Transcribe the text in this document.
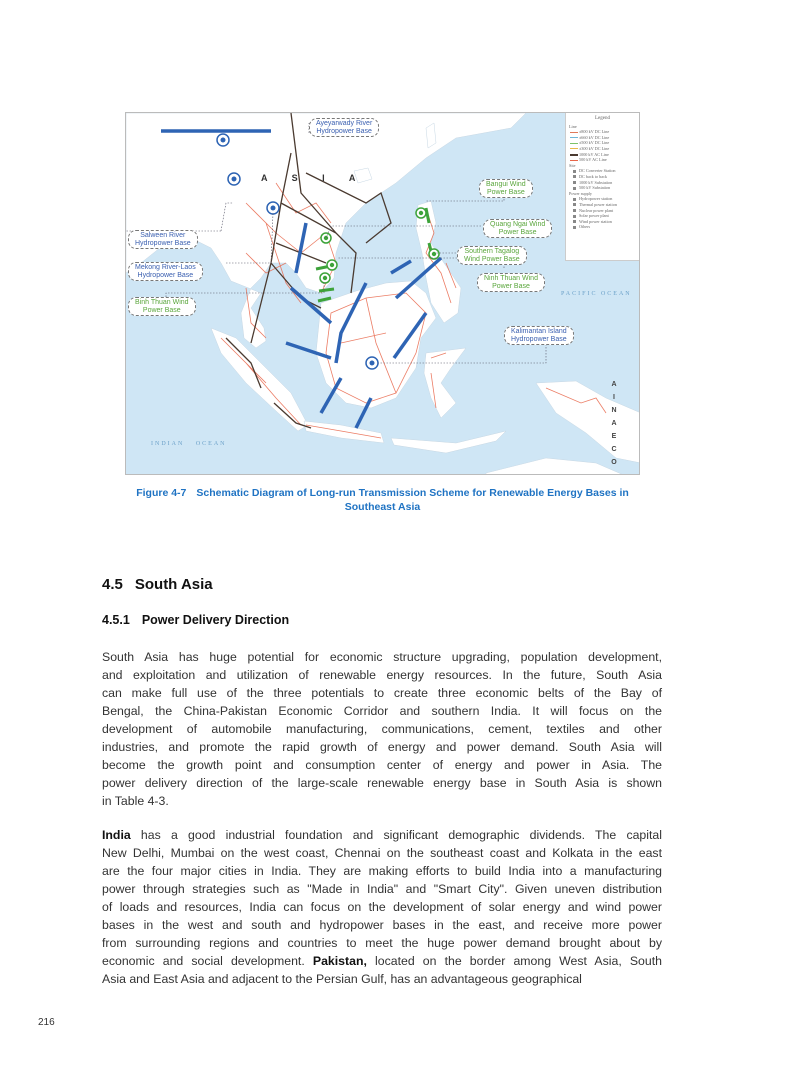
Ayeyarwady River
Hydropower Base
Salween River
Hydropower Base
Mekong River-Laos
Hydropower Base
Binh Thuan Wind
Power Base
Bangui Wind
Power Base
Quang Ngai Wind
Power Base
Southern Tagalog
Wind Power Base
Ninh Thuan Wind
Power Base
Kalimantan Island
Hydropower Base
A S I A
A
I
N
A
E
C
O
PACIFIC OCEAN
INDIAN OCEAN
Legend
Line
±800 kV DC Line
±660 kV DC Line
±500 kV DC Line
±300 kV DC Line
1000 kV AC Line
500 kV AC Line
Site
DC Converter Station
DC back to back
1000 kV Substation
500 kV Substation
Power supply
Hydropower station
Thermal power station
Nuclear power plant
Solar power plant
Wind power station
Others
Figure 4-7 Schematic Diagram of Long-run Transmission Scheme for Renewable Energy Bases in
Southeast Asia
4.5 South Asia
4.5.1 Power Delivery Direction
South Asia has huge potential for economic structure upgrading, population development,
and exploitation and utilization of renewable energy resources. In the future, South Asia
can make full use of the three potentials to create three economic belts of the Bay of
Bengal, the China-Pakistan Economic Corridor and southern India. It will focus on the
development of automobile manufacturing, communications, cement, textiles and other
industries, and promote the rapid growth of energy and power demand. South Asia will
become the growth point and consumption center of energy and power in Asia. The
power delivery direction of the large-scale renewable energy base in South Asia is shown
in Table 4-3.
India has a good industrial foundation and significant demographic dividends. The capital
New Delhi, Mumbai on the west coast, Chennai on the southeast coast and Kolkata in the east
are the four major cities in India. They are making efforts to build India into a manufacturing
power through strategies such as "Made in India" and "Smart City". Given uneven distribution
of loads and resources, India can focus on the development of solar energy and wind power
bases in the west and south and hydropower bases in the east, and receive more power
from surrounding regions and countries to meet the huge power demand brought about by
economic and social development. Pakistan, located on the border among West Asia, South
Asia and East Asia and adjacent to the Persian Gulf, has an advantageous geographical
216
